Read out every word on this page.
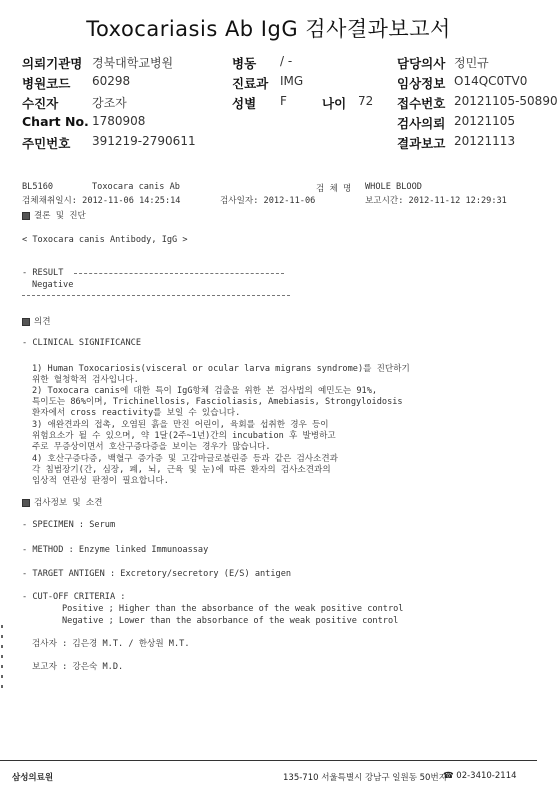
Toxocariasis Ab IgG 검사결과보고서
의뢰기관명 경북대학교병원	병동 / -	담당의사 정민규
병원코드 60298	진료과 IMG	임상정보 O14QC0TV0
수진자	강조자	성별 F	나이 72 접수번호 20121105-50890
Chart No. 1780908	검사의뢰 20121105
주민번호 391219-2790611	결과보고 20121113
BL5160	Toxocara canis Ab	검 체 명 WHOLE BLOOD
검체채취일시: 2012-11-06 14:25:14	검사일자: 2012-11-06	보고시간: 2012-11-12 12:29:31
결론 및 진단
< Toxocara canis Antibody, IgG >
- RESULT
Negative
의견
- CLINICAL SIGNIFICANCE
1) Human Toxocariosis(visceral or ocular larva migrans syndrome)를 진단하기
위한 혈청학적 검사입니다.
2) Toxocara canis에 대한 특이 IgG항체 검출을 위한 본 검사법의 예민도는 91%,
특이도는 86%이며, Trichinellosis, Fascioliasis, Amebiasis, Strongyloidosis
환자에서 cross reactivity를 보일 수 있습니다.
3) 애완견과의 접촉, 오염된 흙을 만진 어린이, 육회를 섭취한 경우 등이
위험요소가 될 수 있으며, 약 1달(2주~1년)간의 incubation 후 발병하고
주로 무증상이면서 호산구증다증을 보이는 경우가 많습니다.
4) 호산구증다증, 백혈구 증가증 및 고감마글로불린증 등과 같은 검사소견과
각 침범장기(간, 심장, 폐, 뇌, 근육 및 눈)에 따른 환자의 검사소견과의
임상적 연관성 판정이 필요합니다.
검사정보 및 소견
- SPECIMEN : Serum
- METHOD : Enzyme linked Immunoassay
- TARGET ANTIGEN : Excretory/secretory (E/S) antigen
- CUT-OFF CRITERIA :
Positive ; Higher than the absorbance of the weak positive control
Negative ; Lower than the absorbance of the weak positive control
검사자 : 김은경 M.T. / 한상원 M.T.
보고자 : 강은숙 M.D.
삼성의료원	135-710 서울특별시 강남구 일원동 50번지
☎ 02-3410-2114
